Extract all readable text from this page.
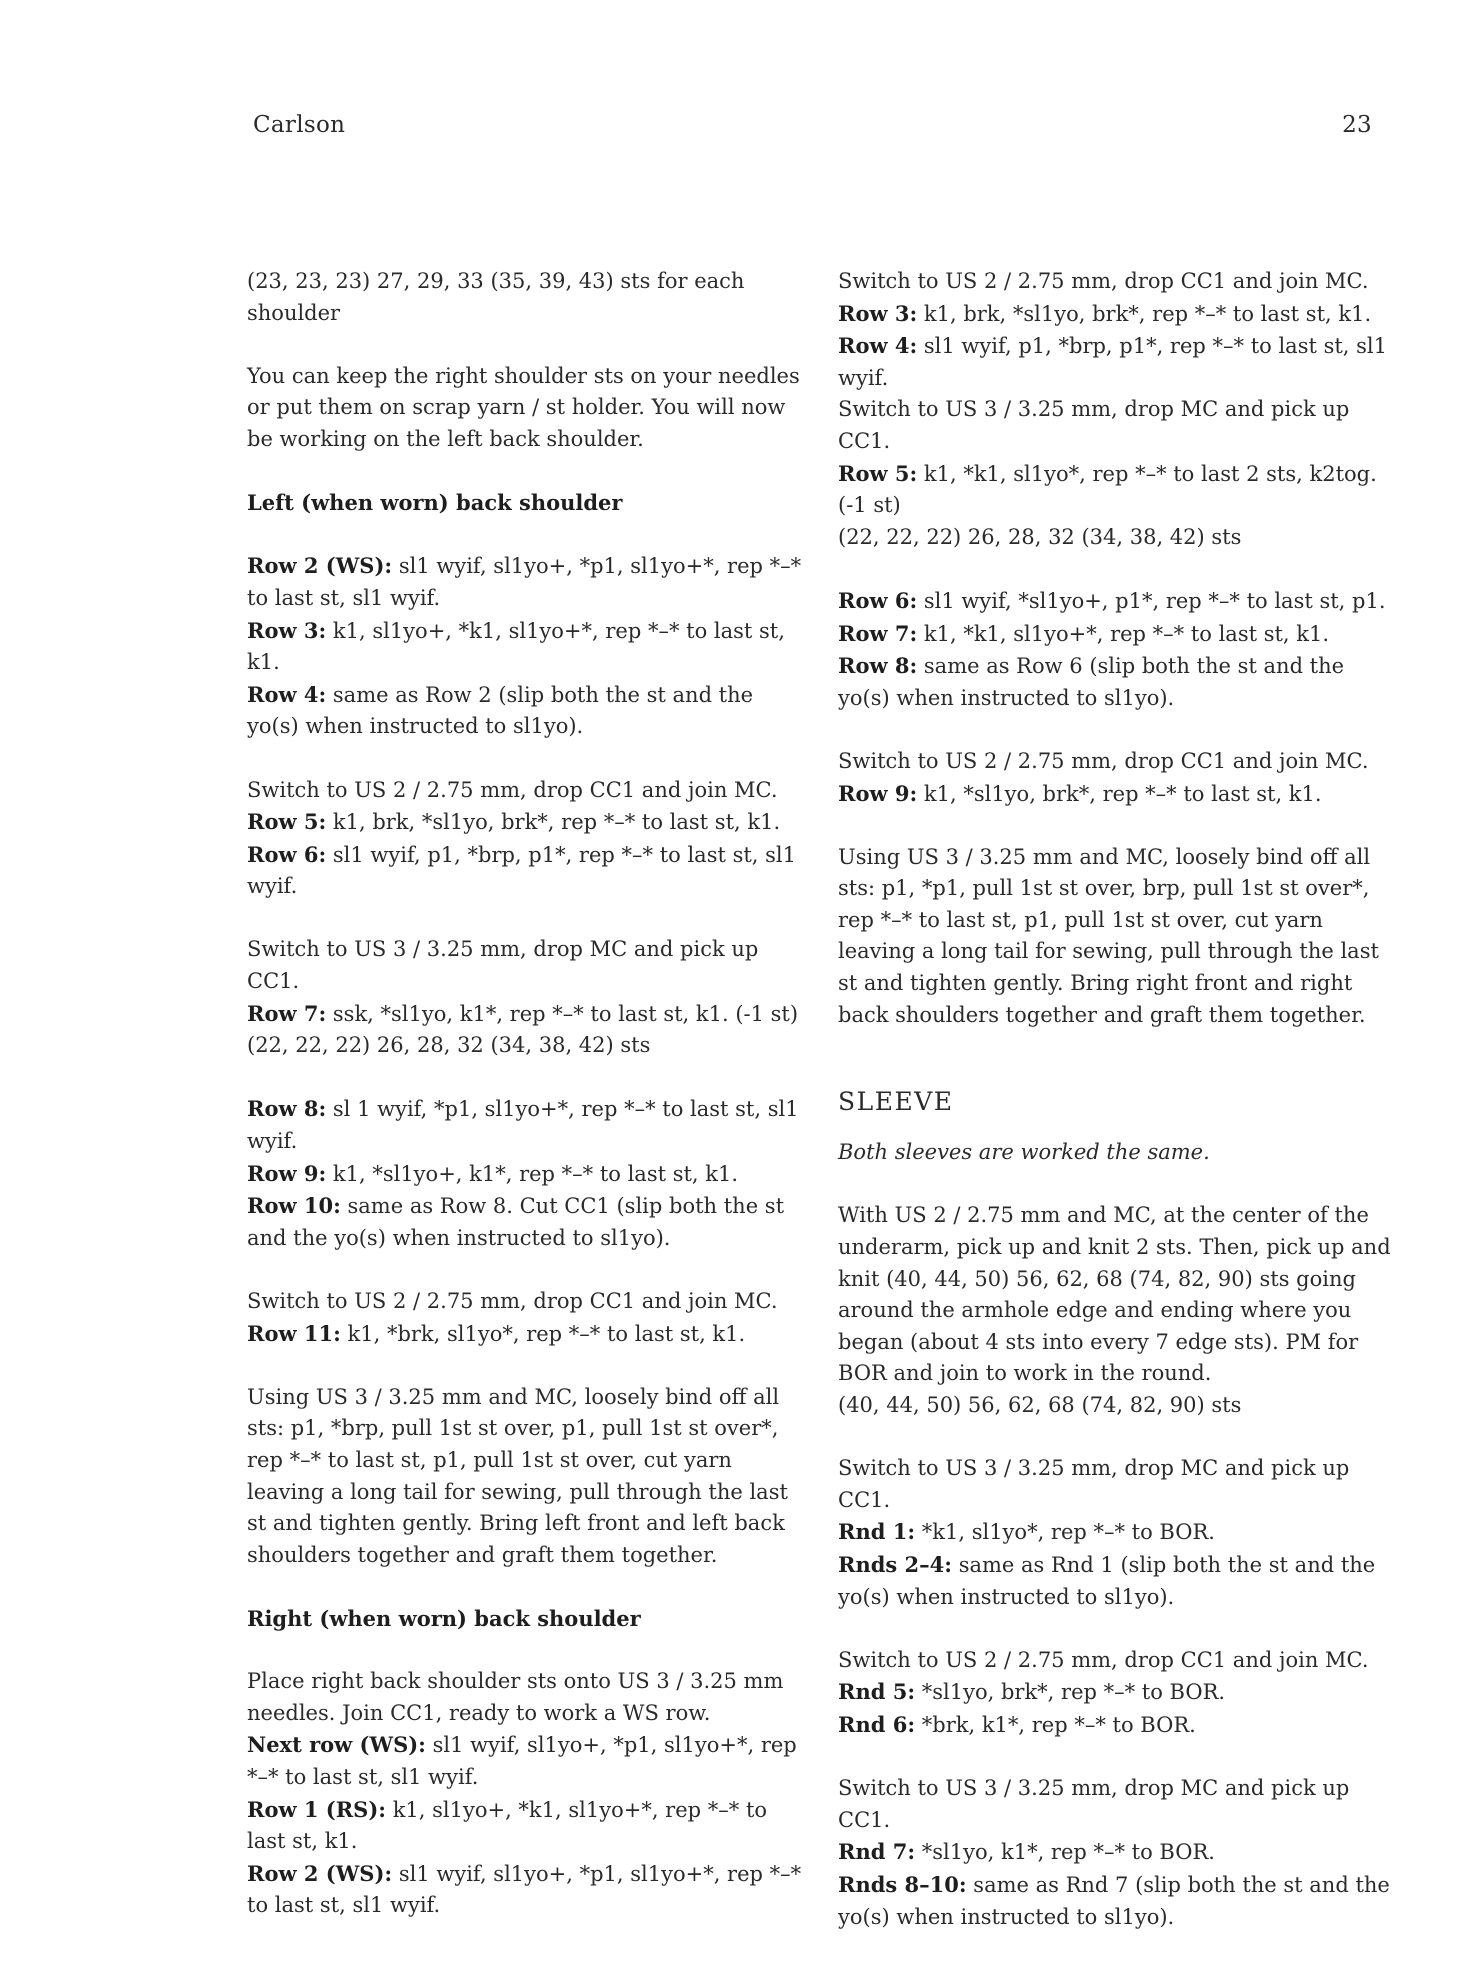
Carlson	23

(23, 23, 23) 27, 29, 33 (35, 39, 43) sts for each shoulder

You can keep the right shoulder sts on your needles or put them on scrap yarn / st holder. You will now be working on the left back shoulder.

Left (when worn) back shoulder
Row 2 (WS): sl1 wyif, sl1yo+, *p1, sl1yo+*, rep *–* to last st, sl1 wyif.
Row 3: k1, sl1yo+, *k1, sl1yo+*, rep *–* to last st, k1.
Row 4: same as Row 2 (slip both the st and the yo(s) when instructed to sl1yo).
Switch to US 2 / 2.75 mm, drop CC1 and join MC.
Row 5: k1, brk, *sl1yo, brk*, rep *–* to last st, k1.
Row 6: sl1 wyif, p1, *brp, p1*, rep *–* to last st, sl1 wyif.
Switch to US 3 / 3.25 mm, drop MC and pick up CC1.
Row 7: ssk, *sl1yo, k1*, rep *–* to last st, k1. (-1 st)
(22, 22, 22) 26, 28, 32 (34, 38, 42) sts
Row 8: sl 1 wyif, *p1, sl1yo+*, rep *–* to last st, sl1 wyif.
Row 9: k1, *sl1yo+, k1*, rep *–* to last st, k1.
Row 10: same as Row 8. Cut CC1 (slip both the st and the yo(s) when instructed to sl1yo).
Switch to US 2 / 2.75 mm, drop CC1 and join MC.
Row 11: k1, *brk, sl1yo*, rep *–* to last st, k1.

Using US 3 / 3.25 mm and MC, loosely bind off all sts: p1, *brp, pull 1st st over, p1, pull 1st st over*, rep *–* to last st, p1, pull 1st st over, cut yarn leaving a long tail for sewing, pull through the last st and tighten gently. Bring left front and left back shoulders together and graft them together.

Right (when worn) back shoulder
Place right back shoulder sts onto US 3 / 3.25 mm needles. Join CC1, ready to work a WS row.
Next row (WS): sl1 wyif, sl1yo+, *p1, sl1yo+*, rep *–* to last st, sl1 wyif.
Row 1 (RS): k1, sl1yo+, *k1, sl1yo+*, rep *–* to last st, k1.
Row 2 (WS): sl1 wyif, sl1yo+, *p1, sl1yo+*, rep *–* to last st, sl1 wyif.
Switch to US 2 / 2.75 mm, drop CC1 and join MC.
Row 3: k1, brk, *sl1yo, brk*, rep *–* to last st, k1.
Row 4: sl1 wyif, p1, *brp, p1*, rep *–* to last st, sl1 wyif.
Switch to US 3 / 3.25 mm, drop MC and pick up CC1.
Row 5: k1, *k1, sl1yo*, rep *–* to last 2 sts, k2tog. (-1 st)
(22, 22, 22) 26, 28, 32 (34, 38, 42) sts
Row 6: sl1 wyif, *sl1yo+, p1*, rep *–* to last st, p1.
Row 7: k1, *k1, sl1yo+*, rep *–* to last st, k1.
Row 8: same as Row 6 (slip both the st and the yo(s) when instructed to sl1yo).
Switch to US 2 / 2.75 mm, drop CC1 and join MC.
Row 9: k1, *sl1yo, brk*, rep *–* to last st, k1.

Using US 3 / 3.25 mm and MC, loosely bind off all sts: p1, *p1, pull 1st st over, brp, pull 1st st over*, rep *–* to last st, p1, pull 1st st over, cut yarn leaving a long tail for sewing, pull through the last st and tighten gently. Bring right front and right back shoulders together and graft them together.

SLEEVE

Both sleeves are worked the same.

With US 2 / 2.75 mm and MC, at the center of the underarm, pick up and knit 2 sts. Then, pick up and knit (40, 44, 50) 56, 62, 68 (74, 82, 90) sts going around the armhole edge and ending where you began (about 4 sts into every 7 edge sts). PM for BOR and join to work in the round.
(40, 44, 50) 56, 62, 68 (74, 82, 90) sts
Switch to US 3 / 3.25 mm, drop MC and pick up CC1.
Rnd 1: *k1, sl1yo*, rep *–* to BOR.
Rnds 2–4: same as Rnd 1 (slip both the st and the yo(s) when instructed to sl1yo).
Switch to US 2 / 2.75 mm, drop CC1 and join MC.
Rnd 5: *sl1yo, brk*, rep *–* to BOR.
Rnd 6: *brk, k1*, rep *–* to BOR.
Switch to US 3 / 3.25 mm, drop MC and pick up CC1.
Rnd 7: *sl1yo, k1*, rep *–* to BOR.
Rnds 8–10: same as Rnd 7 (slip both the st and the yo(s) when instructed to sl1yo).
